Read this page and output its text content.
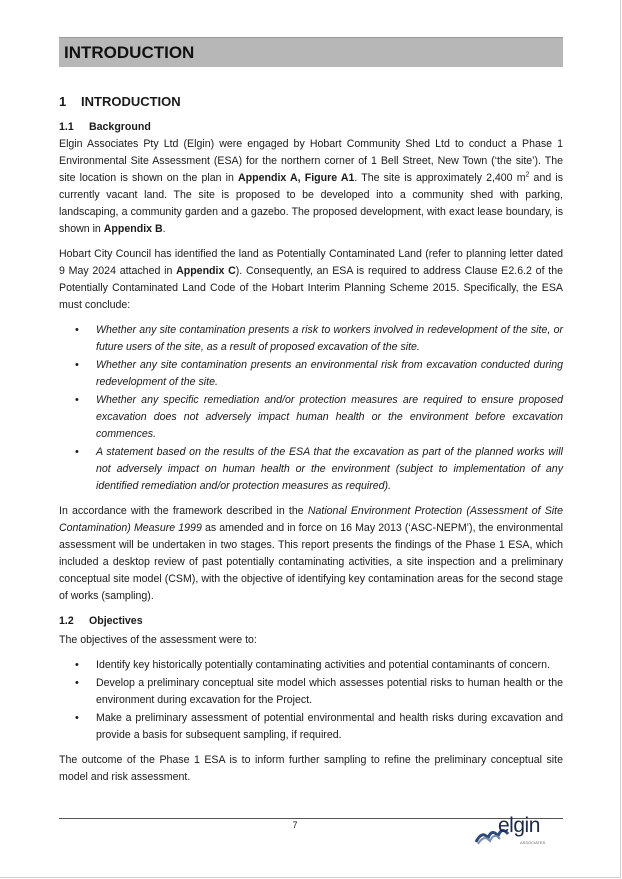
INTRODUCTION
1 INTRODUCTION
1.1 Background

Elgin Associates Pty Ltd (Elgin) were engaged by Hobart Community Shed Ltd to conduct a Phase 1 Environmental Site Assessment (ESA) for the northern corner of 1 Bell Street, New Town (‘the site’). The site location is shown on the plan in Appendix A, Figure A1. The site is approximately 2,400 $m^2$ and is currently vacant land. The site is proposed to be developed into a community shed with parking, landscaping, a community garden and a gazebo. The proposed development, with exact lease boundary, is shown in Appendix B.

Hobart City Council has identified the land as Potentially Contaminated Land (refer to planning letter dated 9 May 2024 attached in Appendix C). Consequently, an ESA is required to address Clause E2.6.2 of the Potentially Contaminated Land Code of the Hobart Interim Planning Scheme 2015. Specifically, the ESA must conclude:

• Whether any site contamination presents a risk to workers involved in redevelopment of the site, or future users of the site, as a result of proposed excavation of the site.
• Whether any site contamination presents an environmental risk from excavation conducted during redevelopment of the site.
• Whether any specific remediation and/or protection measures are required to ensure proposed excavation does not adversely impact human health or the environment before excavation commences.
• A statement based on the results of the ESA that the excavation as part of the planned works will not adversely impact on human health or the environment (subject to implementation of any identified remediation and/or protection measures as required).

In accordance with the framework described in the National Environment Protection (Assessment of Site Contamination) Measure 1999 as amended and in force on 16 May 2013 (‘ASC-NEPM’), the environmental assessment will be undertaken in two stages. This report presents the findings of the Phase 1 ESA, which included a desktop review of past potentially contaminating activities, a site inspection and a preliminary conceptual site model (CSM), with the objective of identifying key contamination areas for the second stage of works (sampling).

1.2 Objectives

The objectives of the assessment were to:

• Identify key historically potentially contaminating activities and potential contaminants of concern.
• Develop a preliminary conceptual site model which assesses potential risks to human health or the environment during excavation for the Project.
• Make a preliminary assessment of potential environmental and health risks during excavation and provide a basis for subsequent sampling, if required.

The outcome of the Phase 1 ESA is to inform further sampling to refine the preliminary conceptual site model and risk assessment.

7	elgin
ASSOCIATES
